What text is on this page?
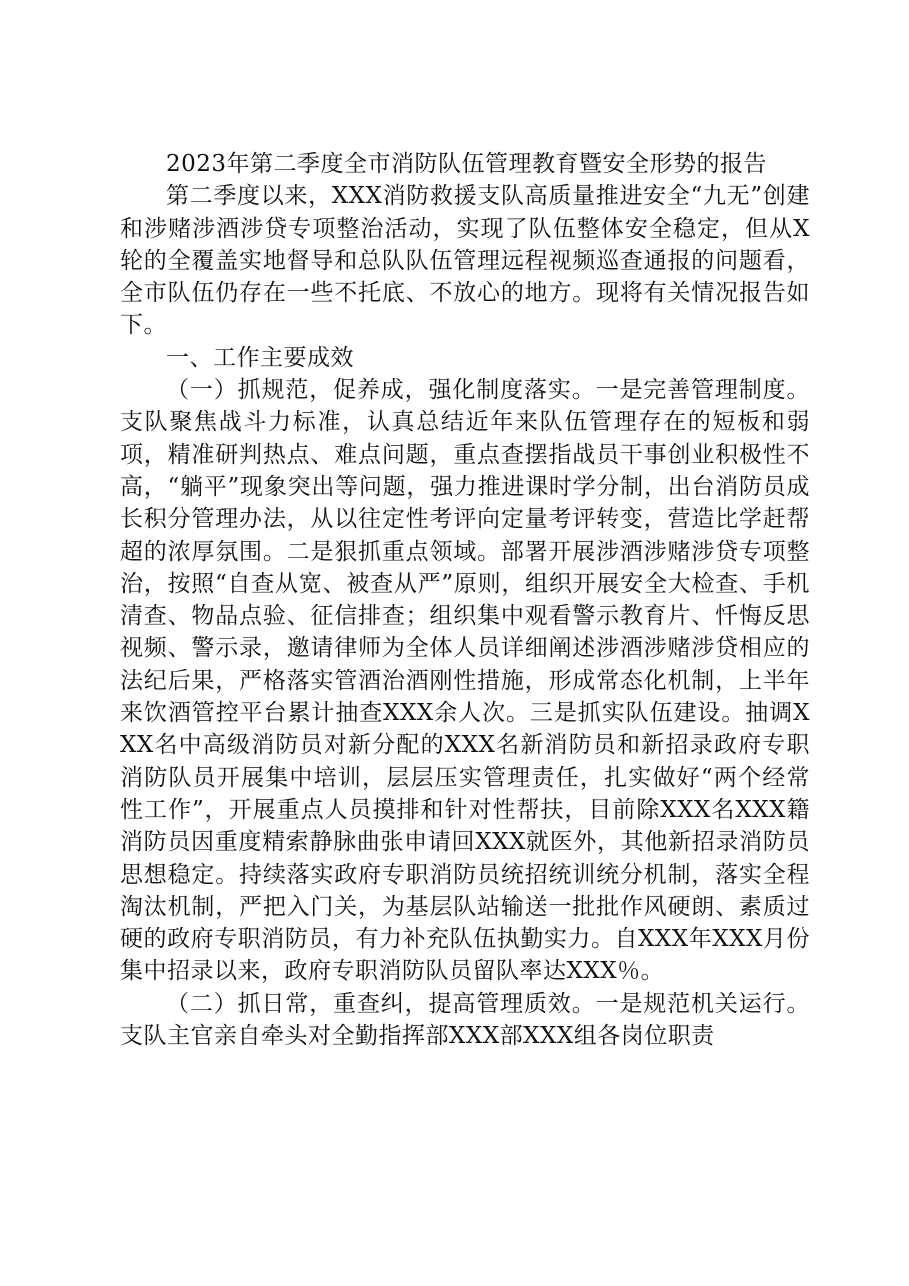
2023年第二季度全市消防队伍管理教育暨安全形势的报告

第二季度以来，XXX消防救援支队高质量推进安全“九无”创建和涉赌涉酒涉贷专项整治活动，实现了队伍整体安全稳定，但从X轮的全覆盖实地督导和总队队伍管理远程视频巡查通报的问题看，全市队伍仍存在一些不托底、不放心的地方。现将有关情况报告如下。

一、工作主要成效

（一）抓规范，促养成，强化制度落实。一是完善管理制度。支队聚焦战斗力标准，认真总结近年来队伍管理存在的短板和弱项，精准研判热点、难点问题，重点查摆指战员干事创业积极性不高，“躺平”现象突出等问题，强力推进课时学分制，出台消防员成长积分管理办法，从以往定性考评向定量考评转变，营造比学赶帮超的浓厚氛围。二是狠抓重点领域。部署开展涉酒涉赌涉贷专项整治，按照“自查从宽、被查从严”原则，组织开展安全大检查、手机清查、物品点验、征信排查；组织集中观看警示教育片、忏悔反思视频、警示录，邀请律师为全体人员详细阐述涉酒涉赌涉贷相应的法纪后果，严格落实管酒治酒刚性措施，形成常态化机制，上半年来饮酒管控平台累计抽查XXX余人次。三是抓实队伍建设。抽调XXX名中高级消防员对新分配的XXX名新消防员和新招录政府专职消防队员开展集中培训，层层压实管理责任，扎实做好“两个经常性工作”，开展重点人员摸排和针对性帮扶，目前除XXX名XXX籍消防员因重度精索静脉曲张申请回XXX就医外，其他新招录消防员思想稳定。持续落实政府专职消防员统招统训统分机制，落实全程淘汰机制，严把入门关，为基层队站输送一批批作风硬朗、素质过硬的政府专职消防员，有力补充队伍执勤实力。自XXX年XXX月份集中招录以来，政府专职消防队员留队率达XXX％。

（二）抓日常，重查纠，提高管理质效。一是规范机关运行。支队主官亲自牵头对全勤指挥部XXX部XXX组各岗位职责
